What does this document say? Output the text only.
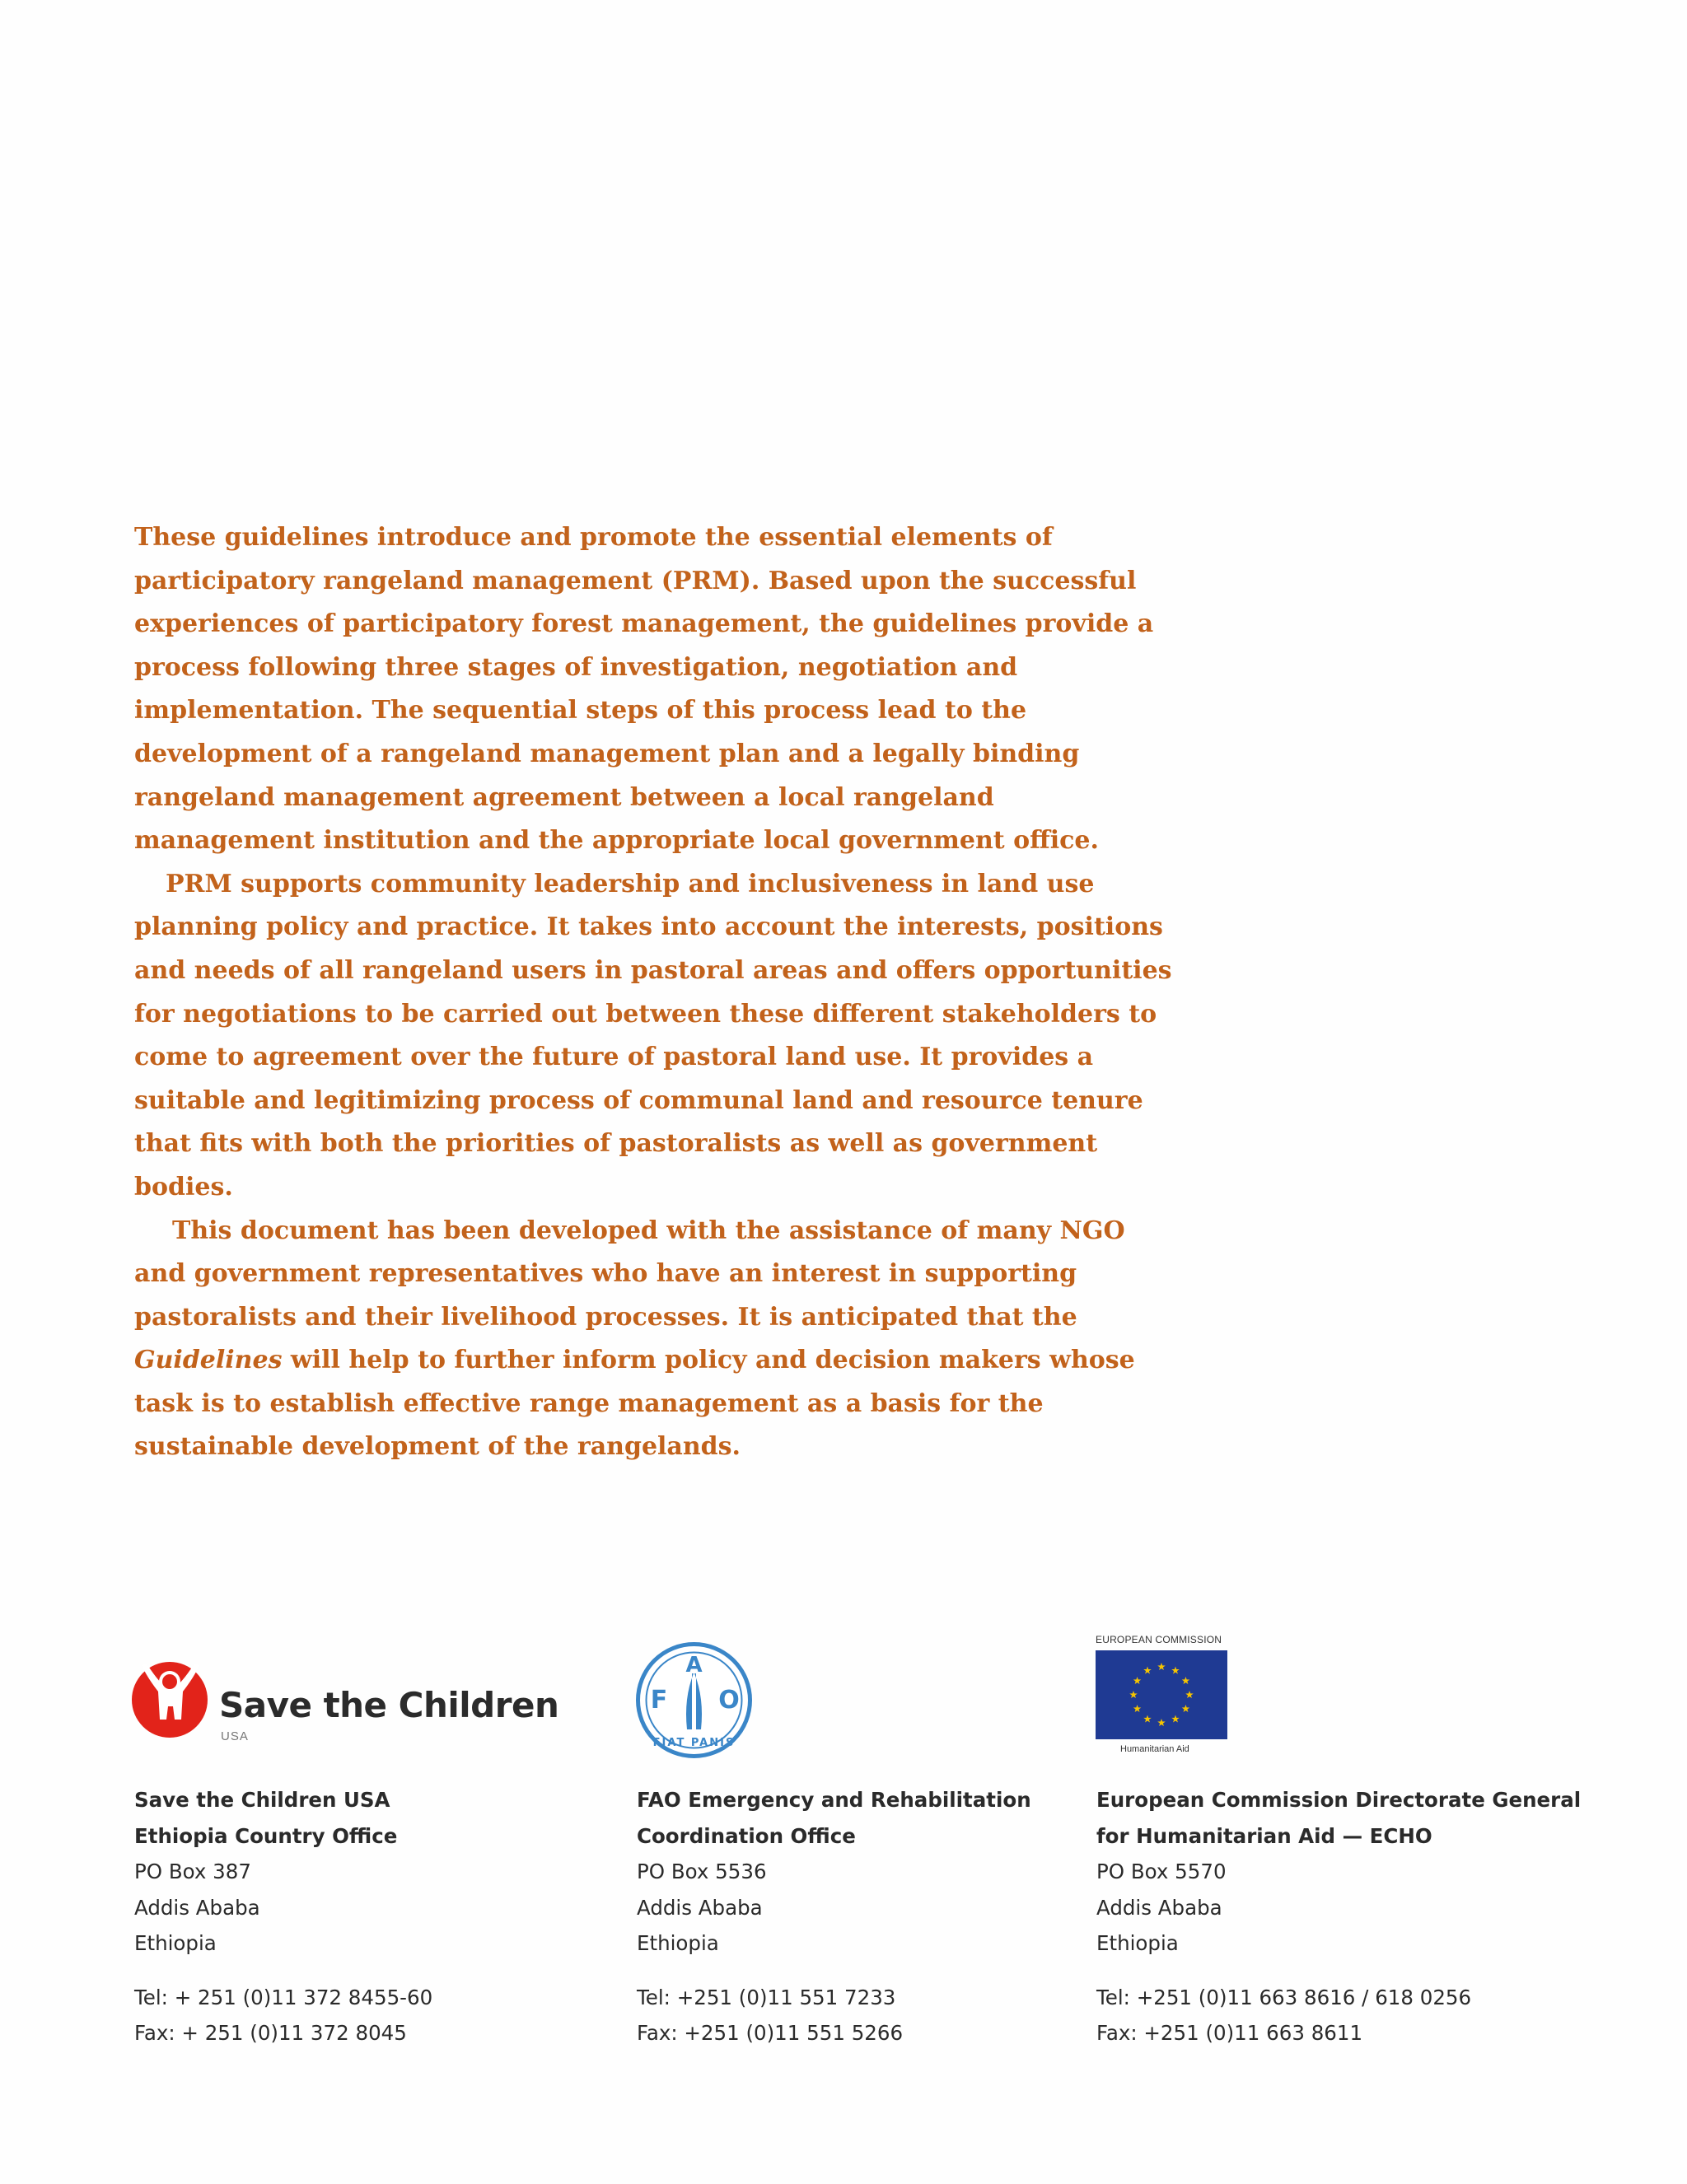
These guidelines introduce and promote the essential elements of participatory rangeland management (PRM). Based upon the successful experiences of participatory forest management, the guidelines provide a process following three stages of investigation, negotiation and implementation. The sequential steps of this process lead to the development of a rangeland management plan and a legally binding rangeland management agreement between a local rangeland management institution and the appropriate local government office.

PRM supports community leadership and inclusiveness in land use planning policy and practice. It takes into account the interests, positions and needs of all rangeland users in pastoral areas and offers opportunities for negotiations to be carried out between these different stakeholders to come to agreement over the future of pastoral land use. It provides a suitable and legitimizing process of communal land and resource tenure that fits with both the priorities of pastoralists as well as government bodies.

This document has been developed with the assistance of many NGO and government representatives who have an interest in supporting pastoralists and their livelihood processes. It is anticipated that the Guidelines will help to further inform policy and decision makers whose task is to establish effective range management as a basis for the sustainable development of the rangelands.

Save the Children
USA
F
A
O
FIAT PANIS
EUROPEAN COMMISSION
Humanitarian Aid
Save the Children USA
Ethiopia Country Office
PO Box 387
Addis Ababa
Ethiopia
Tel: + 251 (0)11 372 8455-60
Fax: + 251 (0)11 372 8045
FAO Emergency and Rehabilitation
Coordination Office
PO Box 5536
Addis Ababa
Ethiopia
Tel: +251 (0)11 551 7233
Fax: +251 (0)11 551 5266
European Commission Directorate General
for Humanitarian Aid — ECHO
PO Box 5570
Addis Ababa
Ethiopia
Tel: +251 (0)11 663 8616 / 618 0256
Fax: +251 (0)11 663 8611
